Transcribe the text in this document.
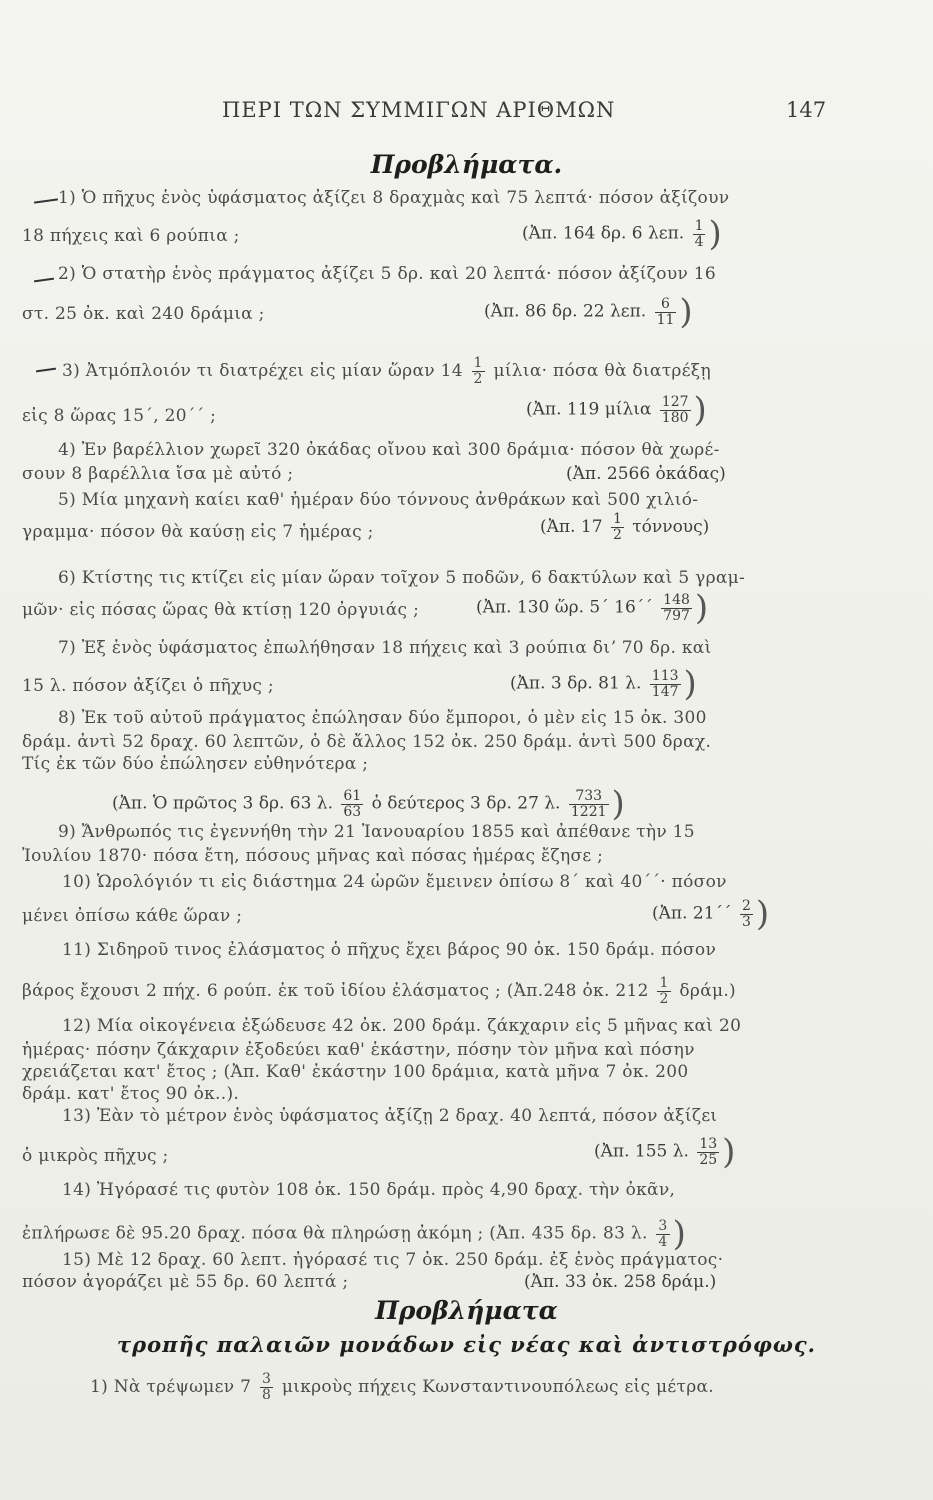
ΠΕΡΙ ΤΩΝ ΣΥΜΜΙΓΩΝ ΑΡΙΘΜΩΝ	147
Προβλήματα.
1) Ὁ πῆχυς ἑνὸς ὑφάσματος ἀξίζει 8 δραχμὰς καὶ 75 λεπτά· πόσον ἀξίζουν
18 πήχεις καὶ 6 ρούπια ;	(Ἀπ. 164 δρ. 6 λεπ. $\frac{1}{4}$ )
2) Ὁ στατὴρ ἑνὸς πράγματος ἀξίζει 5 δρ. καὶ 20 λεπτά· πόσον ἀξίζουν 16
στ. 25 ὀκ. καὶ 240 δράμια ;	(Ἀπ. 86 δρ. 22 λεπ. $\frac{6}{11}$ )
3) Ἀτμόπλοιόν τι διατρέχει εἰς μίαν ὥραν $14 \frac{1}{2} \mu ί\lambda\iota\alpha\cdot \pi ό\sigma\alpha$ θὰ διατρέξῃ
εἰς 8 ὥρας 15΄, 20΄΄ ;	(Ἀπ. 119 μίλια $\frac{127}{180}$ )
4) Ἐν βαρέλλιον χωρεῖ 320 ὀκάδας οἴνου καὶ 300 δράμια· πόσον θὰ χωρέ-
σουν 8 βαρέλλια ἴσα μὲ αὐτό ;	(Ἀπ. 2566 ὀκάδας)
5) Μία μηχανὴ καίει καθ' ἡμέραν δύο τόννους ἀνθράκων καὶ 500 χιλιό-
γραμμα· πόσον θὰ καύσῃ εἰς 7 ἡμέρας ;	(Ἀπ. $17 \frac{1}{2} \tau ό\nu\nu o\upsilon\varsigma$)
6) Κτίστης τις κτίζει εἰς μίαν ὥραν τοῖχον 5 ποδῶν, 6 δακτύλων καὶ 5 γραμ-
μῶν· εἰς πόσας ὥρας θὰ κτίσῃ 120 ὀργυιάς ;	(Ἀπ. 130 ὥρ. 5΄ $16΄΄ \frac{148}{797}$ )
7) Ἐξ ἑνὸς ὑφάσματος ἐπωλήθησαν 18 πήχεις καὶ 3 ρούπια διʼ 70 δρ. καὶ
15 λ. πόσον ἀξίζει ὁ πῆχυς ;	(Ἀπ. 3 δρ. 81 λ. $\frac{113}{147}$ )
8) Ἐκ τοῦ αὐτοῦ πράγματος ἐπώλησαν δύο ἔμποροι, ὁ μὲν εἰς 15 ὀκ. 300
δράμ. ἀντὶ 52 δραχ. 60 λεπτῶν, ὁ δὲ ἄλλος 152 ὀκ. 250 δράμ. ἀντὶ 500 δραχ.
Τίς ἐκ τῶν δύο ἐπώλησεν εὐθηνότερα ;
(Ἀπ. Ὁ πρῶτος 3 δρ. 63 λ. $\frac{61}{63}$ ὁ δεύτερος 3 δρ. 27 λ. $\frac{733}{1221}$ )
9) Ἄνθρωπός τις ἐγεννήθη τὴν 21 Ἰανουαρίου 1855 καὶ ἀπέθανε τὴν 15
Ἰουλίου 1870· πόσα ἔτη, πόσους μῆνας καὶ πόσας ἡμέρας ἔζησε ;
10) Ὡρολόγιόν τι εἰς διάστημα 24 ὡρῶν ἔμεινεν ὀπίσω 8΄ καὶ 40΄΄· πόσον
μένει ὀπίσω κάθε ὥραν ;	(Ἀπ. $21΄΄ \frac{2}{3}$ )
11) Σιδηροῦ τινος ἐλάσματος ὁ πῆχυς ἔχει βάρος 90 ὀκ. 150 δράμ. πόσον
βάρος ἔχουσι 2 πήχ. 6 ρούπ. ἐκ τοῦ ἰδίου ἐλάσματος ; (Ἀπ.248 ὀκ. $212 \frac{1}{2} \delta\rho ά\mu$.)
12) Μία οἰκογένεια ἐξώδευσε 42 ὀκ. 200 δράμ. ζάκχαριν εἰς 5 μῆνας καὶ 20
ἡμέρας· πόσην ζάκχαριν ἐξοδεύει καθ' ἑκάστην, πόσην τὸν μῆνα καὶ πόσην
χρειάζεται κατ' ἔτος ; (Ἀπ. Καθ' ἑκάστην 100 δράμια, κατὰ μῆνα 7 ὀκ. 200
δράμ. κατ' ἔτος 90 ὀκ..).
13) Ἐὰν τὸ μέτρον ἑνὸς ὑφάσματος ἀξίζῃ 2 δραχ. 40 λεπτά, πόσον ἀξίζει
ὁ μικρὸς πῆχυς ;	(Ἀπ. 155 λ. $\frac{13}{25}$ )
14) Ἠγόρασέ τις φυτὸν 108 ὀκ. 150 δράμ. πρὸς 4,90 δραχ. τὴν ὀκᾶν,
ἐπλήρωσε δὲ 95.20 δραχ. πόσα θὰ πληρώσῃ ἀκόμη ; (Ἀπ. 435 δρ. 83 λ. $\frac{3}{4}$ )
15) Μὲ 12 δραχ. 60 λεπτ. ἠγόρασέ τις 7 ὀκ. 250 δράμ. ἐξ ἑνὸς πράγματος·
πόσον ἀγοράζει μὲ 55 δρ. 60 λεπτά ;	(Ἀπ. 33 ὀκ. 258 δράμ.)
Προβλήματα
τροπῆς παλαιῶν μονάδων εἰς νέας καὶ ἀντιστρόφως.
1) Νὰ τρέψωμεν $7 \frac{3}{8}$ μικροὺς πήχεις Κωνσταντινουπόλεως εἰς μέτρα.
